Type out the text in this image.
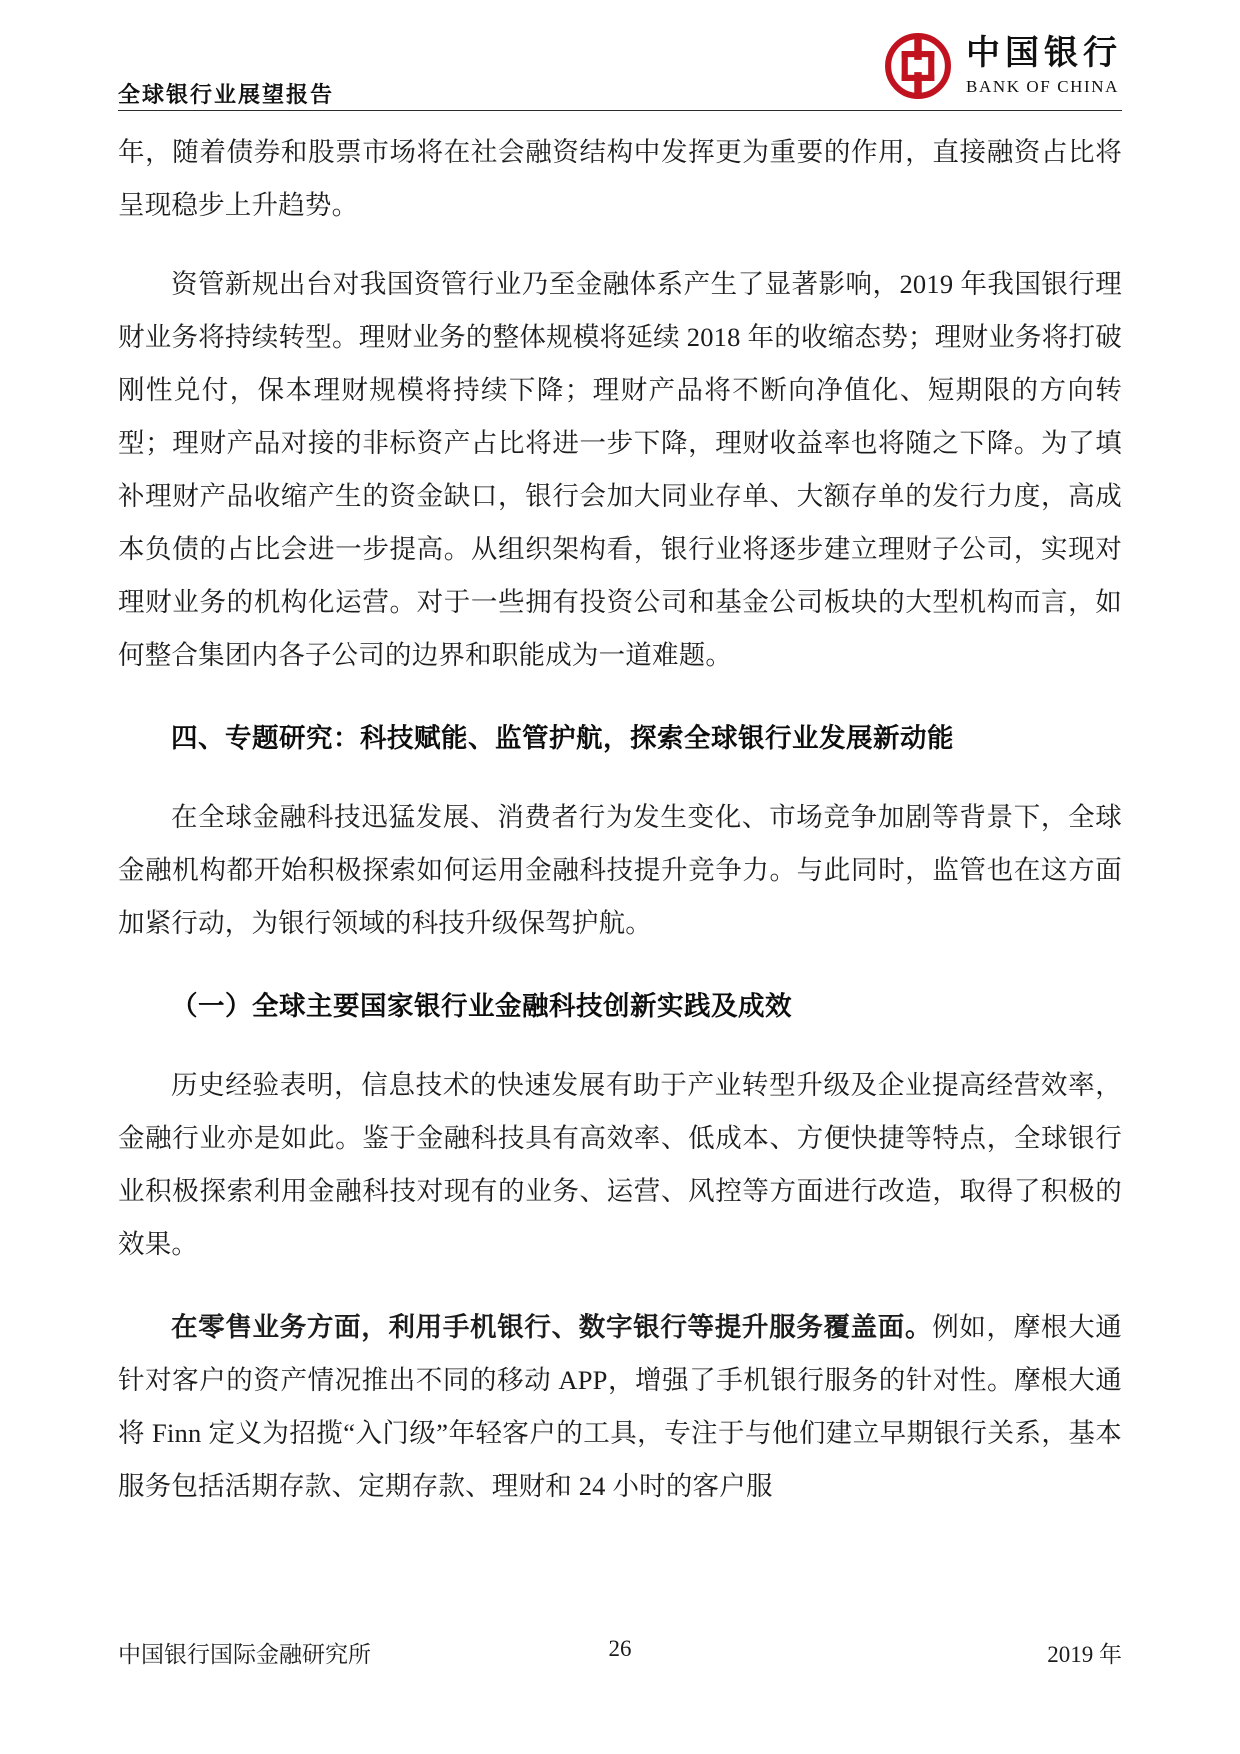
全球银行业展望报告
中国银行
BANK OF CHINA

年，随着债券和股票市场将在社会融资结构中发挥更为重要的作用，直接融资占比将呈现稳步上升趋势。

资管新规出台对我国资管行业乃至金融体系产生了显著影响，2019 年我国银行理财业务将持续转型。理财业务的整体规模将延续 2018 年的收缩态势；理财业务将打破刚性兑付，保本理财规模将持续下降；理财产品将不断向净值化、短期限的方向转型；理财产品对接的非标资产占比将进一步下降，理财收益率也将随之下降。为了填补理财产品收缩产生的资金缺口，银行会加大同业存单、大额存单的发行力度，高成本负债的占比会进一步提高。从组织架构看，银行业将逐步建立理财子公司，实现对理财业务的机构化运营。对于一些拥有投资公司和基金公司板块的大型机构而言，如何整合集团内各子公司的边界和职能成为一道难题。

四、专题研究：科技赋能、监管护航，探索全球银行业发展新动能

在全球金融科技迅猛发展、消费者行为发生变化、市场竞争加剧等背景下，全球金融机构都开始积极探索如何运用金融科技提升竞争力。与此同时，监管也在这方面加紧行动，为银行领域的科技升级保驾护航。

（一）全球主要国家银行业金融科技创新实践及成效

历史经验表明，信息技术的快速发展有助于产业转型升级及企业提高经营效率，金融行业亦是如此。鉴于金融科技具有高效率、低成本、方便快捷等特点，全球银行业积极探索利用金融科技对现有的业务、运营、风控等方面进行改造，取得了积极的效果。

在零售业务方面，利用手机银行、数字银行等提升服务覆盖面。例如，摩根大通针对客户的资产情况推出不同的移动 APP，增强了手机银行服务的针对性。摩根大通将 Finn 定义为招揽“入门级”年轻客户的工具，专注于与他们建立早期银行关系，基本服务包括活期存款、定期存款、理财和 24 小时的客户服

中国银行国际金融研究所	26	2019 年
